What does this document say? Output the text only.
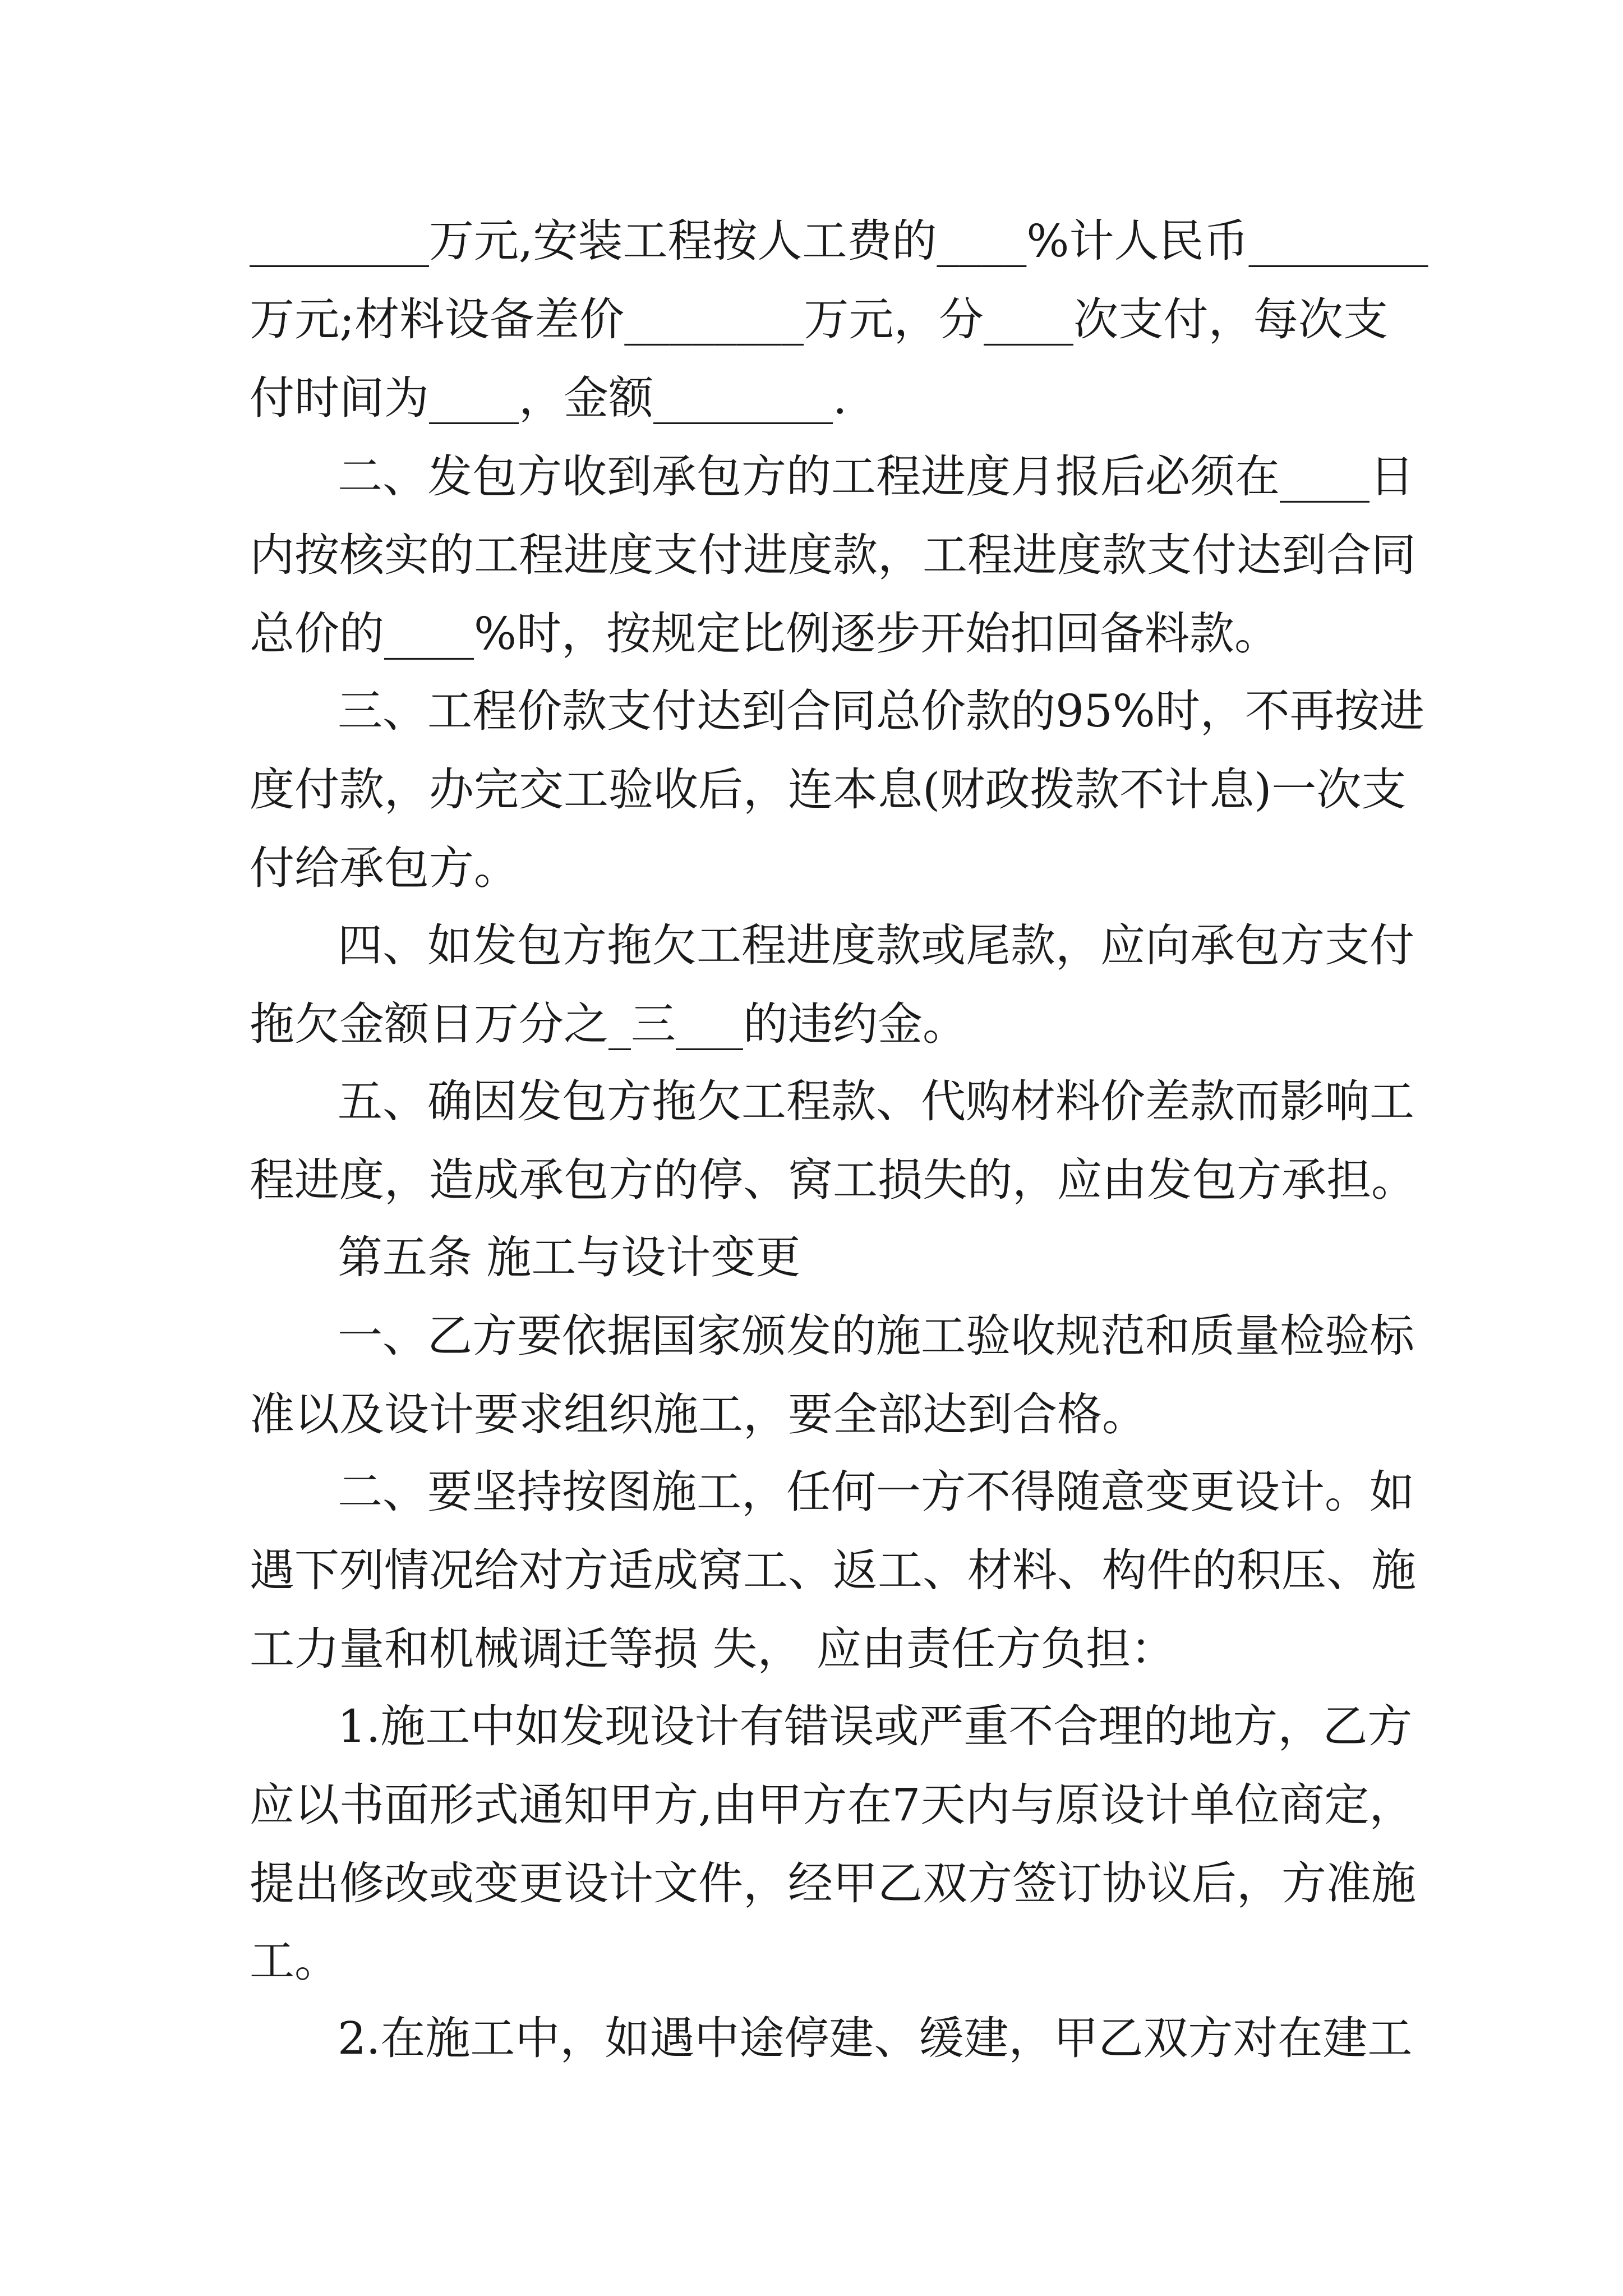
________万元,安装工程按人工费的____%计人民币________
万元;材料设备差价________万元，分____次支付，每次支
付时间为____，金额________.
二、发包方收到承包方的工程进度月报后必须在____日
内按核实的工程进度支付进度款，工程进度款支付达到合同
总价的____%时，按规定比例逐步开始扣回备料款。
三、工程价款支付达到合同总价款的95%时，不再按进
度付款，办完交工验收后，连本息(财政拨款不计息)一次支
付给承包方。
四、如发包方拖欠工程进度款或尾款，应向承包方支付
拖欠金额日万分之_三___的违约金。
五、确因发包方拖欠工程款、代购材料价差款而影响工
程进度，造成承包方的停、窝工损失的，应由发包方承担。
第五条 施工与设计变更
一、乙方要依据国家颁发的施工验收规范和质量检验标
准以及设计要求组织施工，要全部达到合格。
二、要坚持按图施工，任何一方不得随意变更设计。如
遇下列情况给对方适成窝工、返工、材料、构件的积压、施
工力量和机械调迁等损 失， 应由责任方负担：
1.施工中如发现设计有错误或严重不合理的地方，乙方
应以书面形式通知甲方,由甲方在7天内与原设计单位商定，
提出修改或变更设计文件，经甲乙双方签订协议后，方准施
工。
2.在施工中，如遇中途停建、缓建，甲乙双方对在建工
